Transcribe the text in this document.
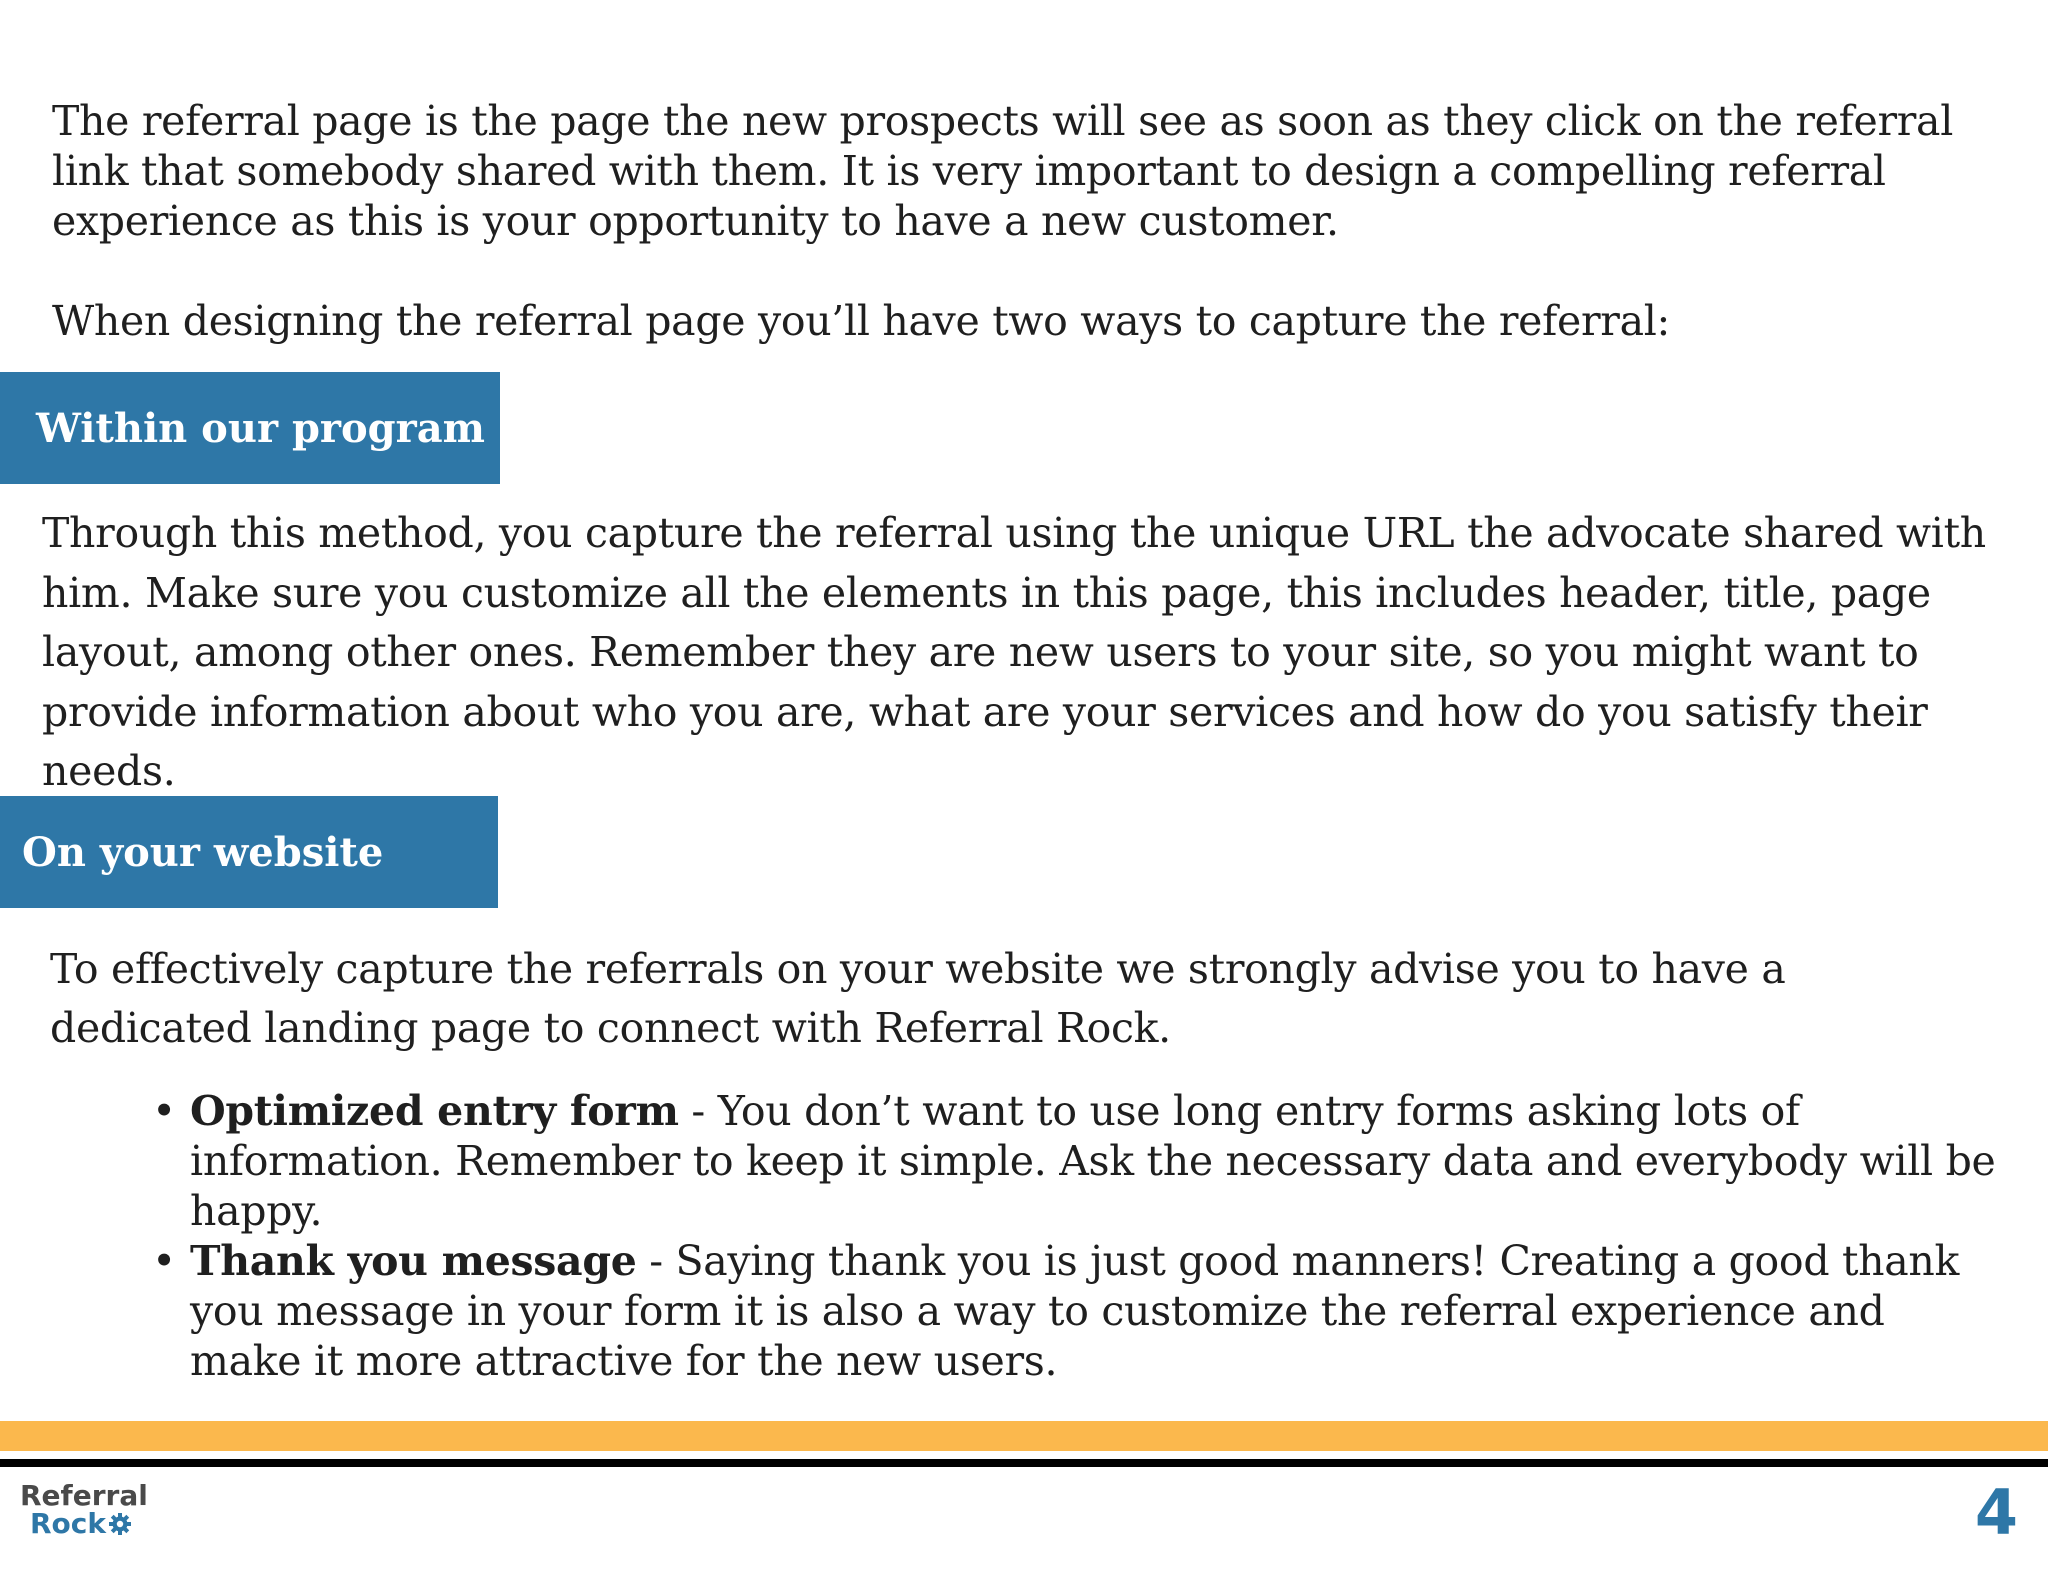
The referral page is the page the new prospects will see as soon as they click on the referral link that somebody shared with them. It is very important to design a compelling referral experience as this is your opportunity to have a new customer.

When designing the referral page you’ll have two ways to capture the referral:

Within our program

Through this method, you capture the referral using the unique URL the advocate shared with him. Make sure you customize all the elements in this page, this includes header, title, page layout, among other ones. Remember they are new users to your site, so you might want to provide information about who you are, what are your services and how do you satisfy their needs.

On your website

To effectively capture the referrals on your website we strongly advise you to have a dedicated landing page to connect with Referral Rock.

• Optimized entry form - You don’t want to use long entry forms asking lots of information. Remember to keep it simple. Ask the necessary data and everybody will be happy.
• Thank you message - Saying thank you is just good manners! Creating a good thank you message in your form it is also a way to customize the referral experience and make it more attractive for the new users.
Referral
Rock	4
